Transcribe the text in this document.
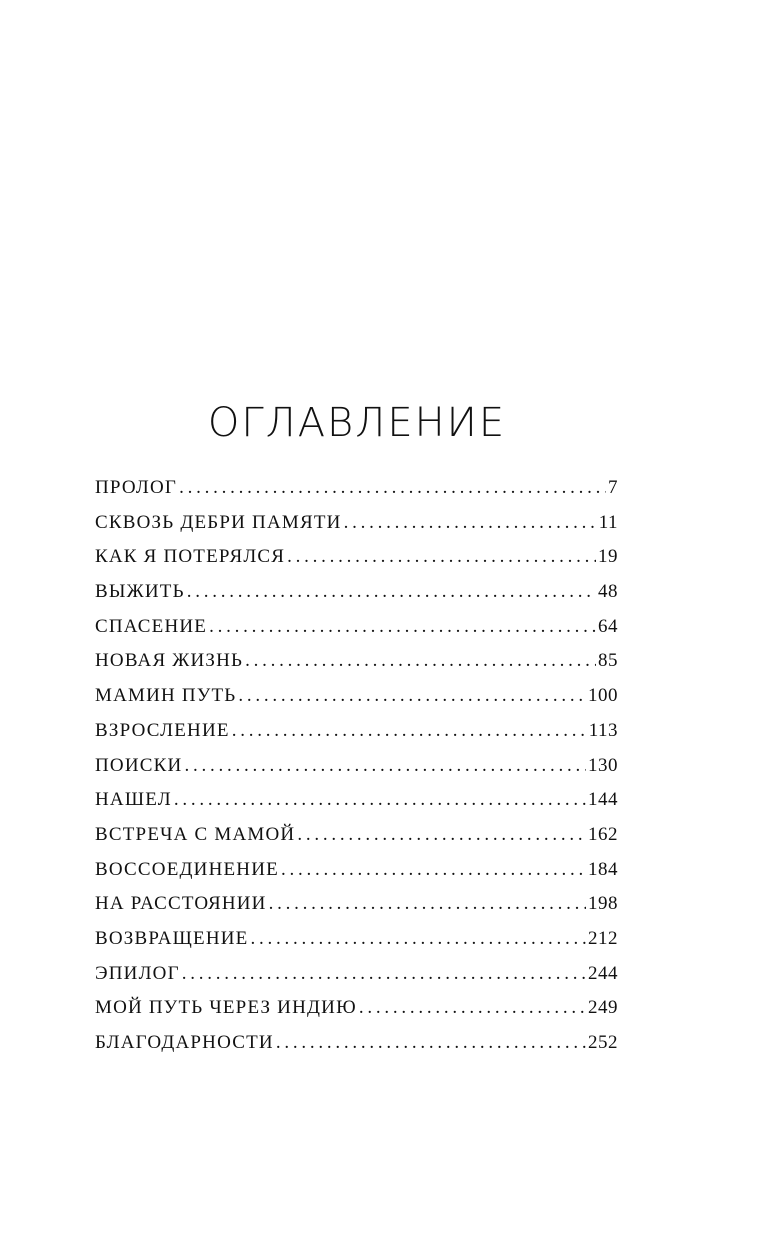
ОГЛАВЛЕНИЕ
ПРОЛОГ . . .	7
СКВОЗЬ ДЕБРИ ПАМЯТИ . . .	11
КАК Я ПОТЕРЯЛСЯ . . .	19
ВЫЖИТЬ . . .	48
СПАСЕНИЕ . . .	64
НОВАЯ ЖИЗНЬ . . .	85
МАМИН ПУТЬ . . .	100
ВЗРОСЛЕНИЕ . . .	113
ПОИСКИ . . .	130
НАШЕЛ . . .	144
ВСТРЕЧА С МАМОЙ . . .	162
ВОССОЕДИНЕНИЕ . . .	184
НА РАССТОЯНИИ . . .	198
ВОЗВРАЩЕНИЕ . . .	212
ЭПИЛОГ . . .	244
МОЙ ПУТЬ ЧЕРЕЗ ИНДИЮ . . .	249
БЛАГОДАРНОСТИ . . .	252
